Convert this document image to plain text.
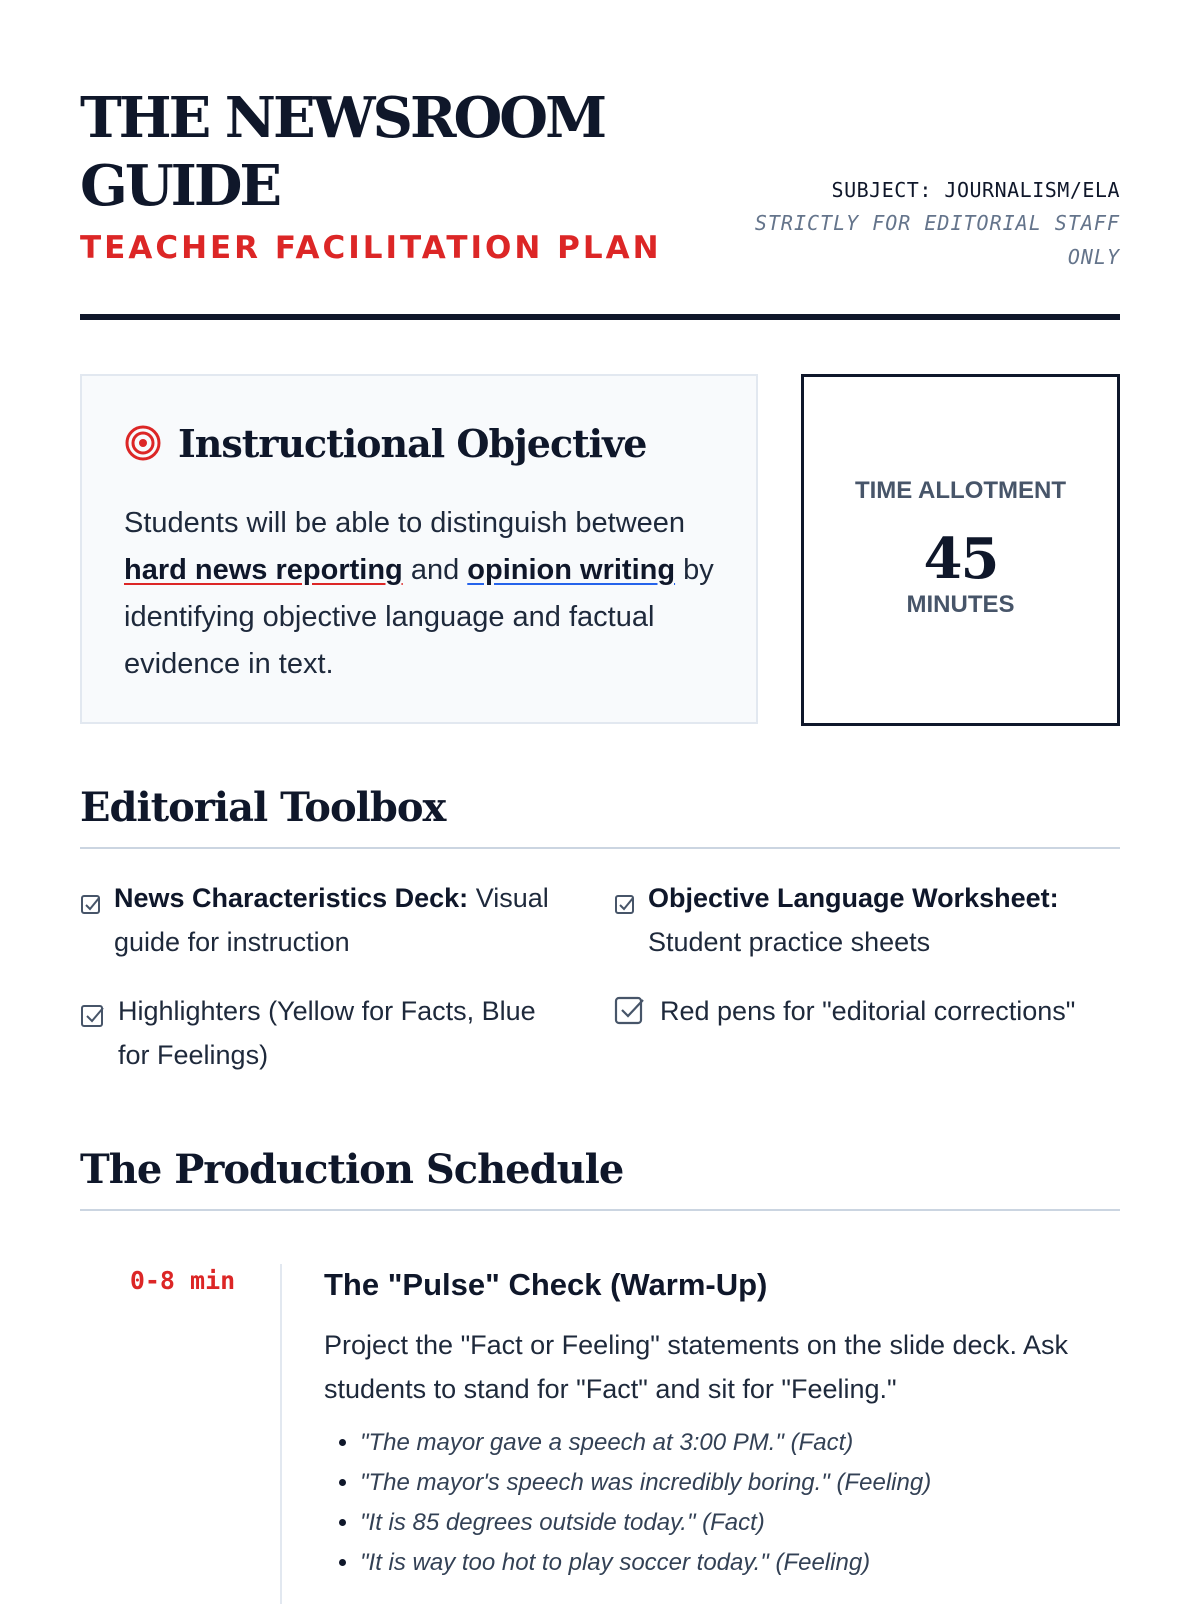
THE NEWSROOM GUIDE
TEACHER FACILITATION PLAN
SUBJECT: JOURNALISM/ELA
STRICTLY FOR EDITORIAL STAFF ONLY
Instructional Objective

Students will be able to distinguish between hard news reporting and opinion writing by identifying objective language and factual evidence in text.

TIME ALLOTMENT
45
MINUTES
Editorial Toolbox
News Characteristics Deck: Visual guide for instruction
Objective Language Worksheet:
Student practice sheets
Highlighters (Yellow for Facts, Blue for Feelings)
Red pens for "editorial corrections"
The Production Schedule
0-8 min	The "Pulse" Check (Warm-Up)

Project the "Fact or Feeling" statements on the slide deck. Ask students to stand for "Fact" and sit for "Feeling."

• "The mayor gave a speech at 3:00 PM." (Fact)
• "The mayor's speech was incredibly boring." (Feeling)
• "It is 85 degrees outside today." (Fact)
• "It is way too hot to play soccer today." (Feeling)
